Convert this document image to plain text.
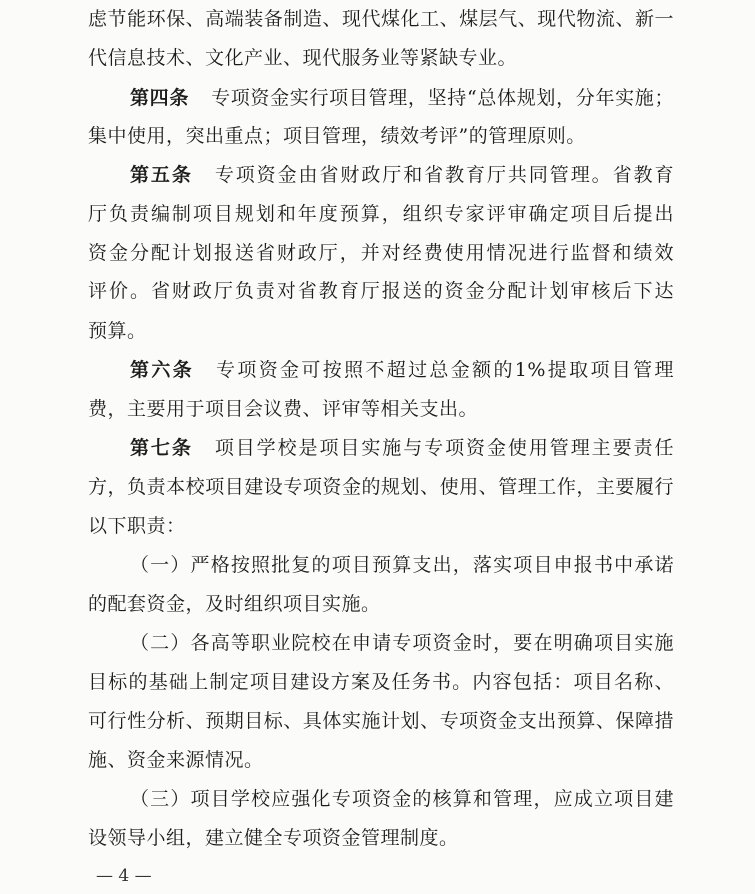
虑节能环保、高端装备制造、现代煤化工、煤层气、现代物流、新一
代信息技术、文化产业、现代服务业等紧缺专业。
第四条 专项资金实行项目管理，坚持“总体规划，分年实施；
集中使用，突出重点；项目管理，绩效考评”的管理原则。
第五条 专项资金由省财政厅和省教育厅共同管理。省教育
厅负责编制项目规划和年度预算，组织专家评审确定项目后提出
资金分配计划报送省财政厅，并对经费使用情况进行监督和绩效
评价。省财政厅负责对省教育厅报送的资金分配计划审核后下达
预算。
第六条 专项资金可按照不超过总金额的1%提取项目管理
费，主要用于项目会议费、评审等相关支出。
第七条 项目学校是项目实施与专项资金使用管理主要责任
方，负责本校项目建设专项资金的规划、使用、管理工作，主要履行
以下职责：
（一）严格按照批复的项目预算支出，落实项目申报书中承诺
的配套资金，及时组织项目实施。
（二）各高等职业院校在申请专项资金时，要在明确项目实施
目标的基础上制定项目建设方案及任务书。内容包括：项目名称、
可行性分析、预期目标、具体实施计划、专项资金支出预算、保障措
施、资金来源情况。
（三）项目学校应强化专项资金的核算和管理，应成立项目建
设领导小组，建立健全专项资金管理制度。
— 4 —
